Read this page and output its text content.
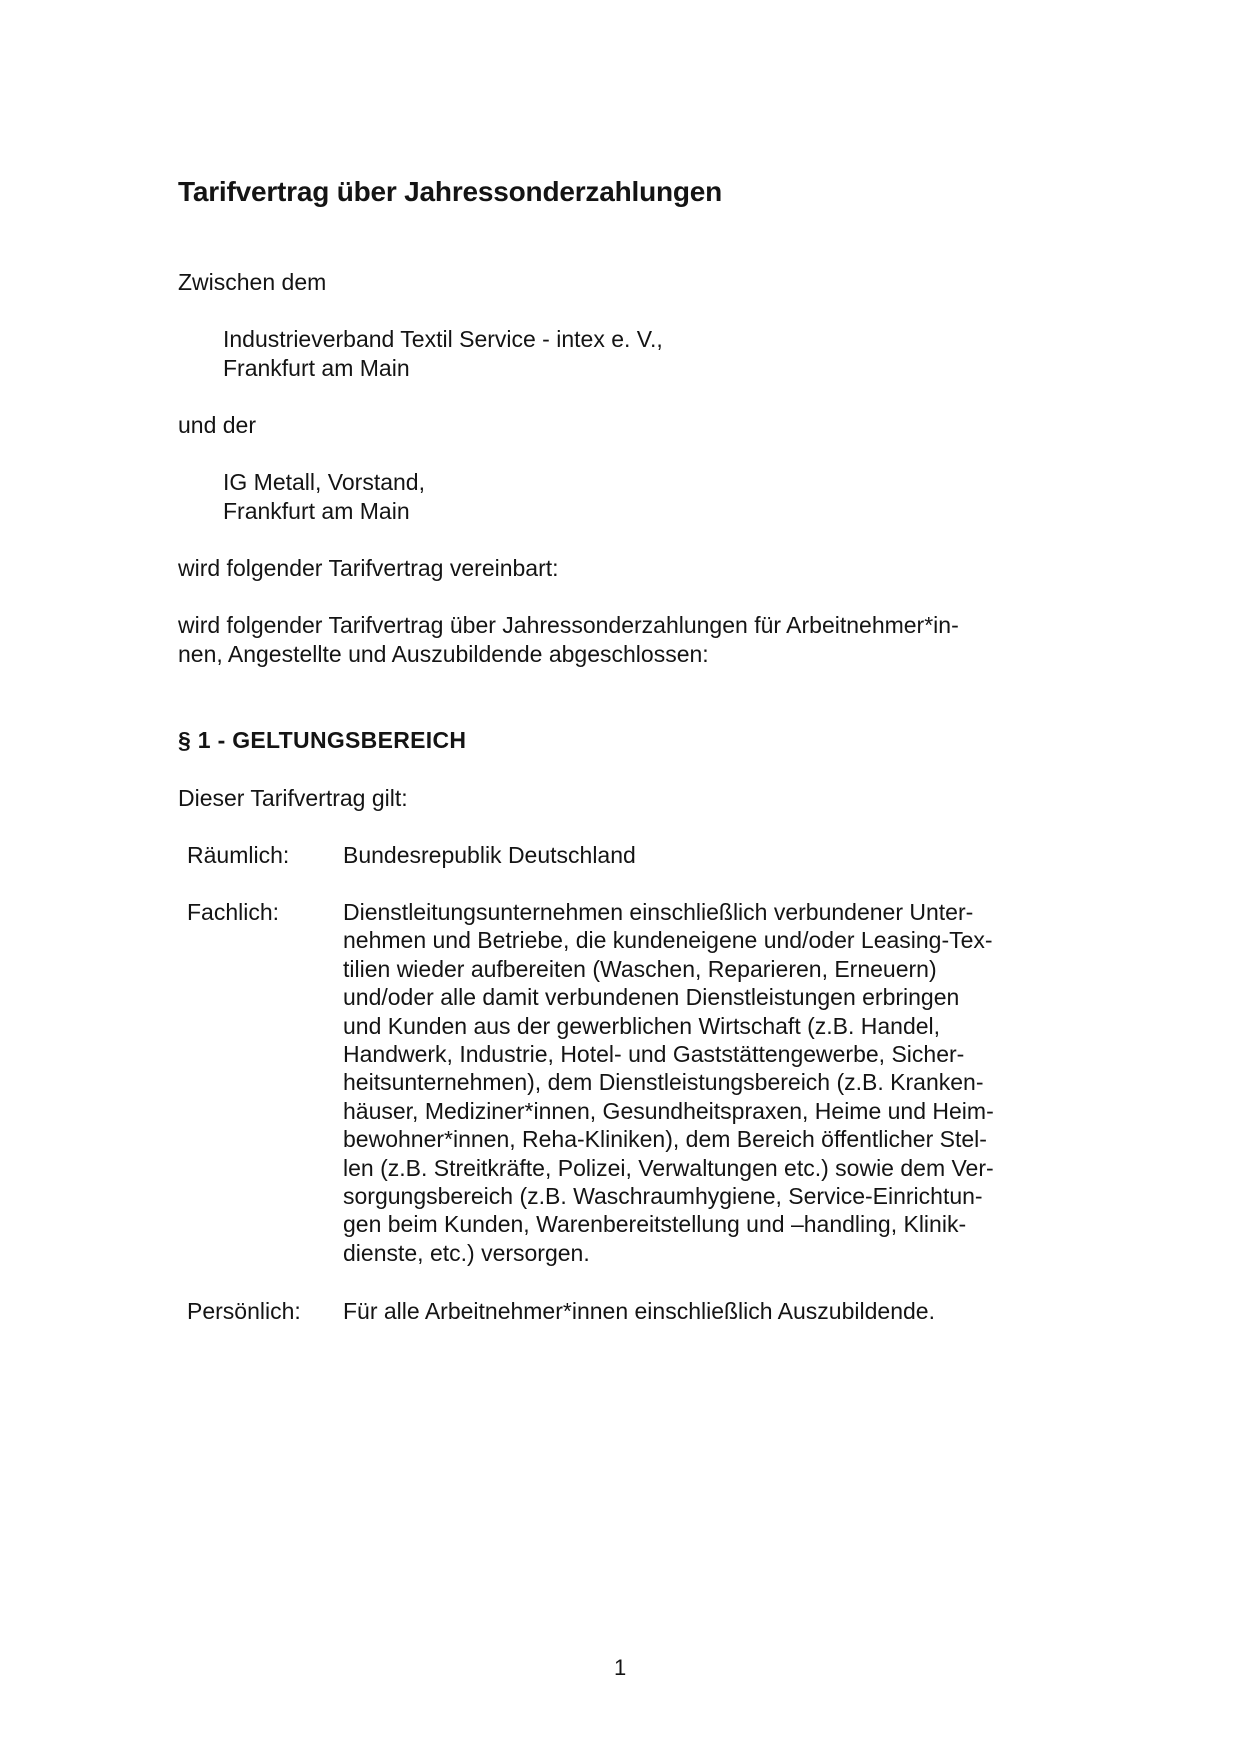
Tarifvertrag über Jahressonderzahlungen
Zwischen dem
Industrieverband Textil Service - intex e. V.,
Frankfurt am Main
und der
IG Metall, Vorstand,
Frankfurt am Main
wird folgender Tarifvertrag vereinbart:
wird folgender Tarifvertrag über Jahressonderzahlungen für Arbeitnehmer*in-
nen, Angestellte und Auszubildende abgeschlossen:
§ 1 - GELTUNGSBEREICH
Dieser Tarifvertrag gilt:
Räumlich: Bundesrepublik Deutschland
Fachlich:	Dienstleitungsunternehmen einschließlich verbundener Unter-
nehmen und Betriebe, die kundeneigene und/oder Leasing-Tex-
tilien wieder aufbereiten (Waschen, Reparieren, Erneuern)
und/oder alle damit verbundenen Dienstleistungen erbringen
und Kunden aus der gewerblichen Wirtschaft (z.B. Handel,
Handwerk, Industrie, Hotel- und Gaststättengewerbe, Sicher-
heitsunternehmen), dem Dienstleistungsbereich (z.B. Kranken-
häuser, Mediziner*innen, Gesundheitspraxen, Heime und Heim-
bewohner*innen, Reha-Kliniken), dem Bereich öffentlicher Stel-
len (z.B. Streitkräfte, Polizei, Verwaltungen etc.) sowie dem Ver-
sorgungsbereich (z.B. Waschraumhygiene, Service-Einrichtun-
gen beim Kunden, Warenbereitstellung und –handling, Klinik-
dienste, etc.) versorgen.
Persönlich: Für alle Arbeitnehmer*innen einschließlich Auszubildende.
1
